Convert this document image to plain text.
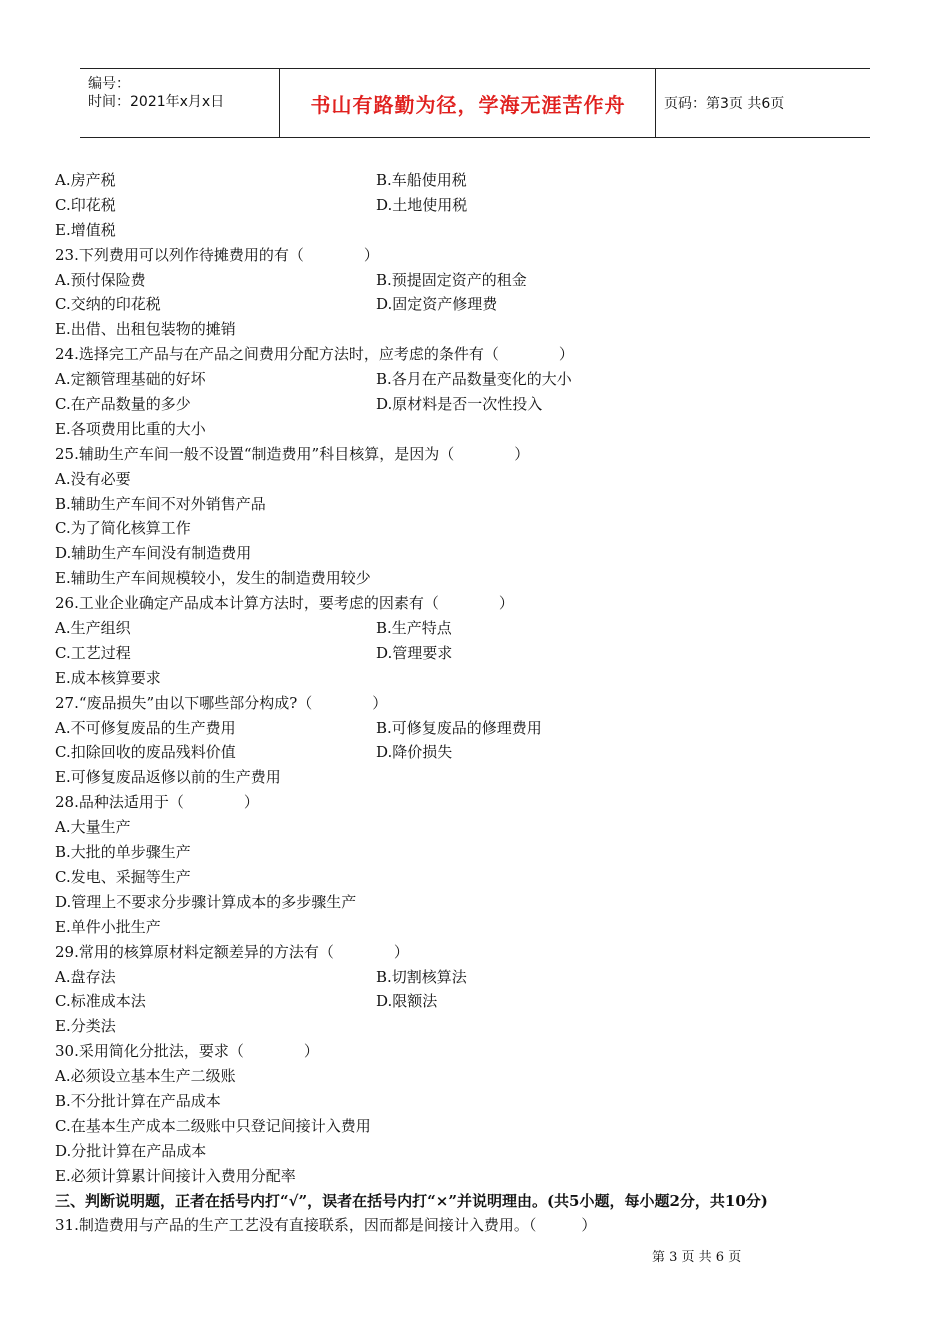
编号：
时间：2021年x月x日	书山有路勤为径，学海无涯苦作舟	页码：第3页 共6页
A.房产税	B.车船使用税
C.印花税	D.土地使用税
E.增值税
23.下列费用可以列作待摊费用的有（　　　　）
A.预付保险费	B.预提固定资产的租金
C.交纳的印花税	D.固定资产修理费
E.出借、出租包装物的摊销
24.选择完工产品与在产品之间费用分配方法时，应考虑的条件有（　　　　）
A.定额管理基础的好坏	B.各月在产品数量变化的大小
C.在产品数量的多少	D.原材料是否一次性投入
E.各项费用比重的大小
25.辅助生产车间一般不设置“制造费用”科目核算，是因为（　　　　）
A.没有必要
B.辅助生产车间不对外销售产品
C.为了简化核算工作
D.辅助生产车间没有制造费用
E.辅助生产车间规模较小，发生的制造费用较少
26.工业企业确定产品成本计算方法时，要考虑的因素有（　　　　）
A.生产组织	B.生产特点
C.工艺过程	D.管理要求
E.成本核算要求
27.“废品损失”由以下哪些部分构成?（　　　　）
A.不可修复废品的生产费用	B.可修复废品的修理费用
C.扣除回收的废品残料价值	D.降价损失
E.可修复废品返修以前的生产费用
28.品种法适用于（　　　　）
A.大量生产
B.大批的单步骤生产
C.发电、采掘等生产
D.管理上不要求分步骤计算成本的多步骤生产
E.单件小批生产
29.常用的核算原材料定额差异的方法有（　　　　）
A.盘存法	B.切割核算法
C.标准成本法	D.限额法
E.分类法
30.采用简化分批法，要求（　　　　）
A.必须设立基本生产二级账
B.不分批计算在产品成本
C.在基本生产成本二级账中只登记间接计入费用
D.分批计算在产品成本
E.必须计算累计间接计入费用分配率
三、判断说明题，正者在括号内打“√”，误者在括号内打“×”并说明理由。(共5小题，每小题2分，共10分)
31.制造费用与产品的生产工艺没有直接联系，因而都是间接计入费用。（　　　）
第 3 页 共 6 页
